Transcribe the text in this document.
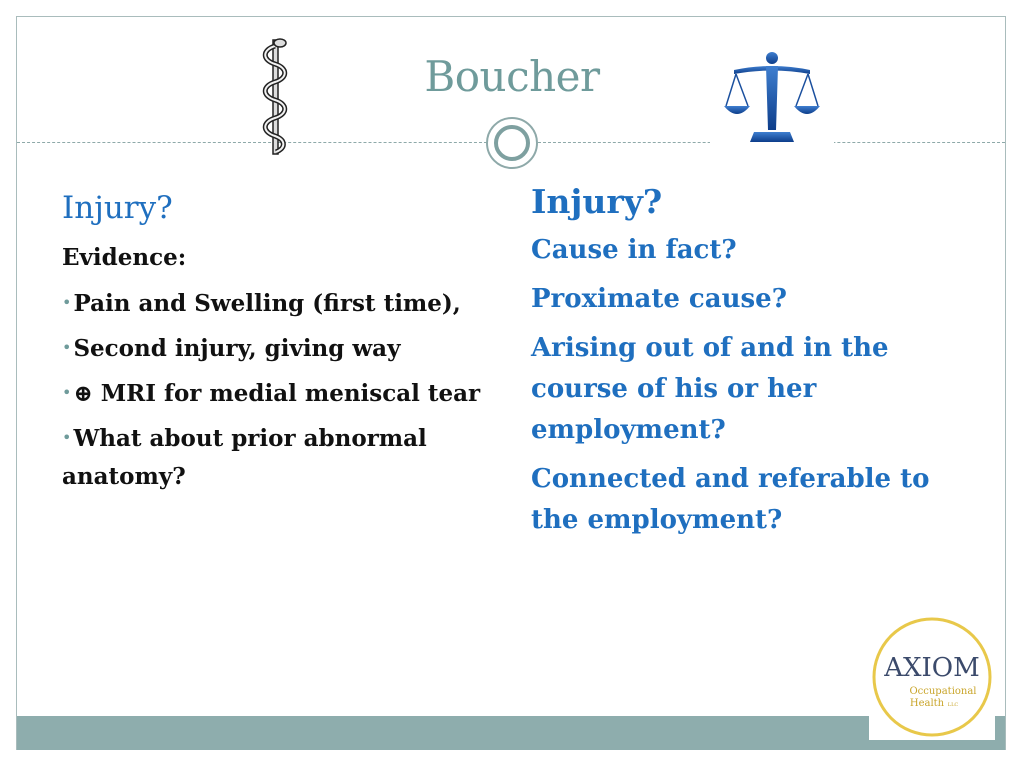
Boucher
Injury?
Evidence:
•Pain and Swelling (first time),
•Second injury, giving way
•⊕ MRI for medial meniscal tear
•What about prior abnormal anatomy?
Injury?
Cause in fact?
Proximate cause?
Arising out of and in the course of his or her employment?
Connected and referable to the employment?
AXIOM
Occupational
Health LLC
